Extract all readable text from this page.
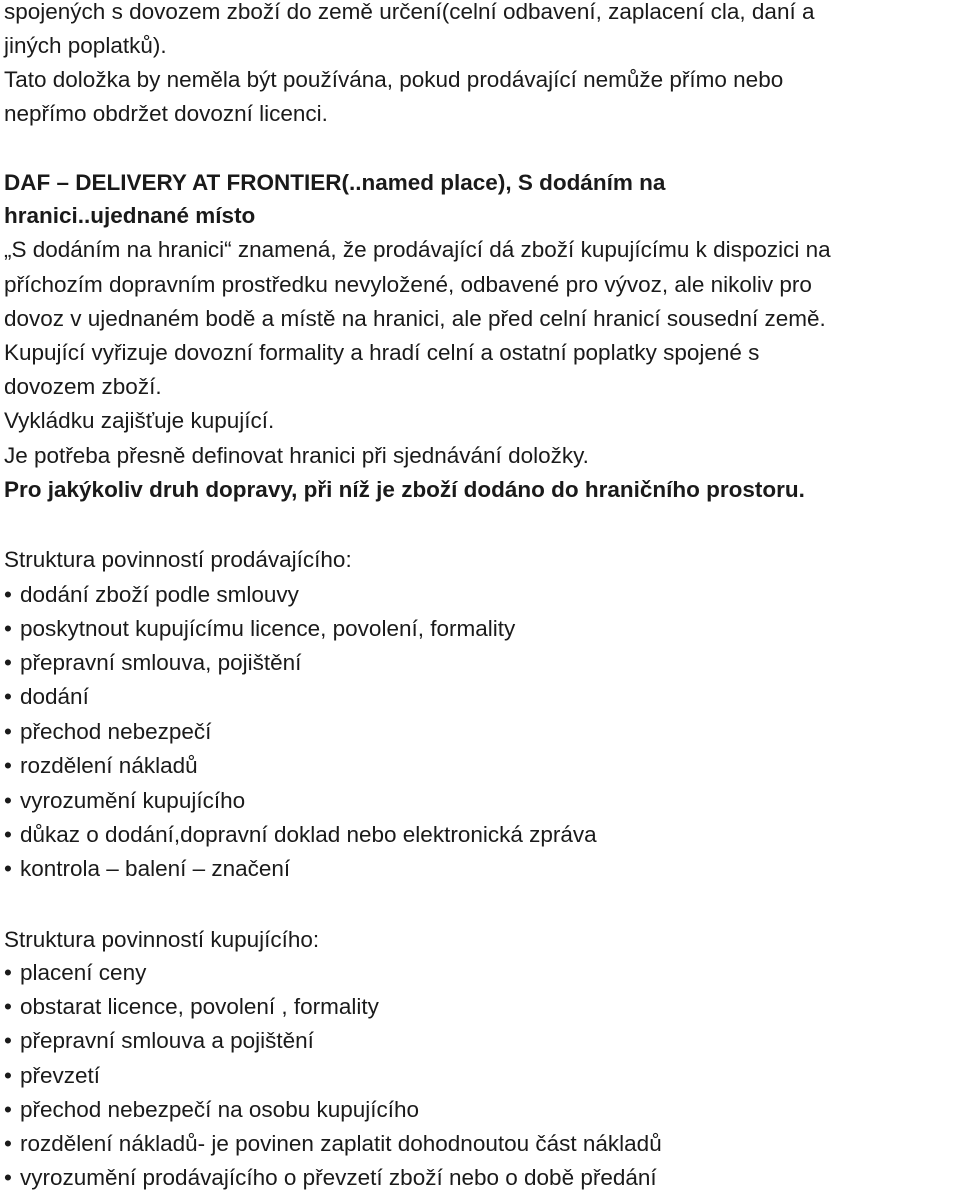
spojených s dovozem zboží do země určení(celní odbavení, zaplacení cla, daní a
jiných poplatků).
Tato doložka by neměla být používána, pokud prodávající nemůže přímo nebo
nepřímo obdržet dovozní licenci.
DAF – DELIVERY AT FRONTIER(..named place), S dodáním na
hranici..ujednané místo
„S dodáním na hranici“ znamená, že prodávající dá zboží kupujícímu k dispozici na
příchozím dopravním prostředku nevyložené, odbavené pro vývoz, ale nikoliv pro
dovoz v ujednaném bodě a místě na hranici, ale před celní hranicí sousední země.
Kupující vyřizuje dovozní formality a hradí celní a ostatní poplatky spojené s
dovozem zboží.
Vykládku zajišťuje kupující.
Je potřeba přesně definovat hranici při sjednávání doložky.
Pro jakýkoliv druh dopravy, při níž je zboží dodáno do hraničního prostoru.
Struktura povinností prodávajícího:
• dodání zboží podle smlouvy
• poskytnout kupujícímu licence, povolení, formality
• přepravní smlouva, pojištění
• dodání
• přechod nebezpečí
• rozdělení nákladů
• vyrozumění kupujícího
• důkaz o dodání,dopravní doklad nebo elektronická zpráva
• kontrola – balení – značení
Struktura povinností kupujícího:
• placení ceny
• obstarat licence, povolení , formality
• přepravní smlouva a pojištění
• převzetí
• přechod nebezpečí na osobu kupujícího
• rozdělení nákladů- je povinen zaplatit dohodnoutou část nákladů
• vyrozumění prodávajícího o převzetí zboží nebo o době předání
